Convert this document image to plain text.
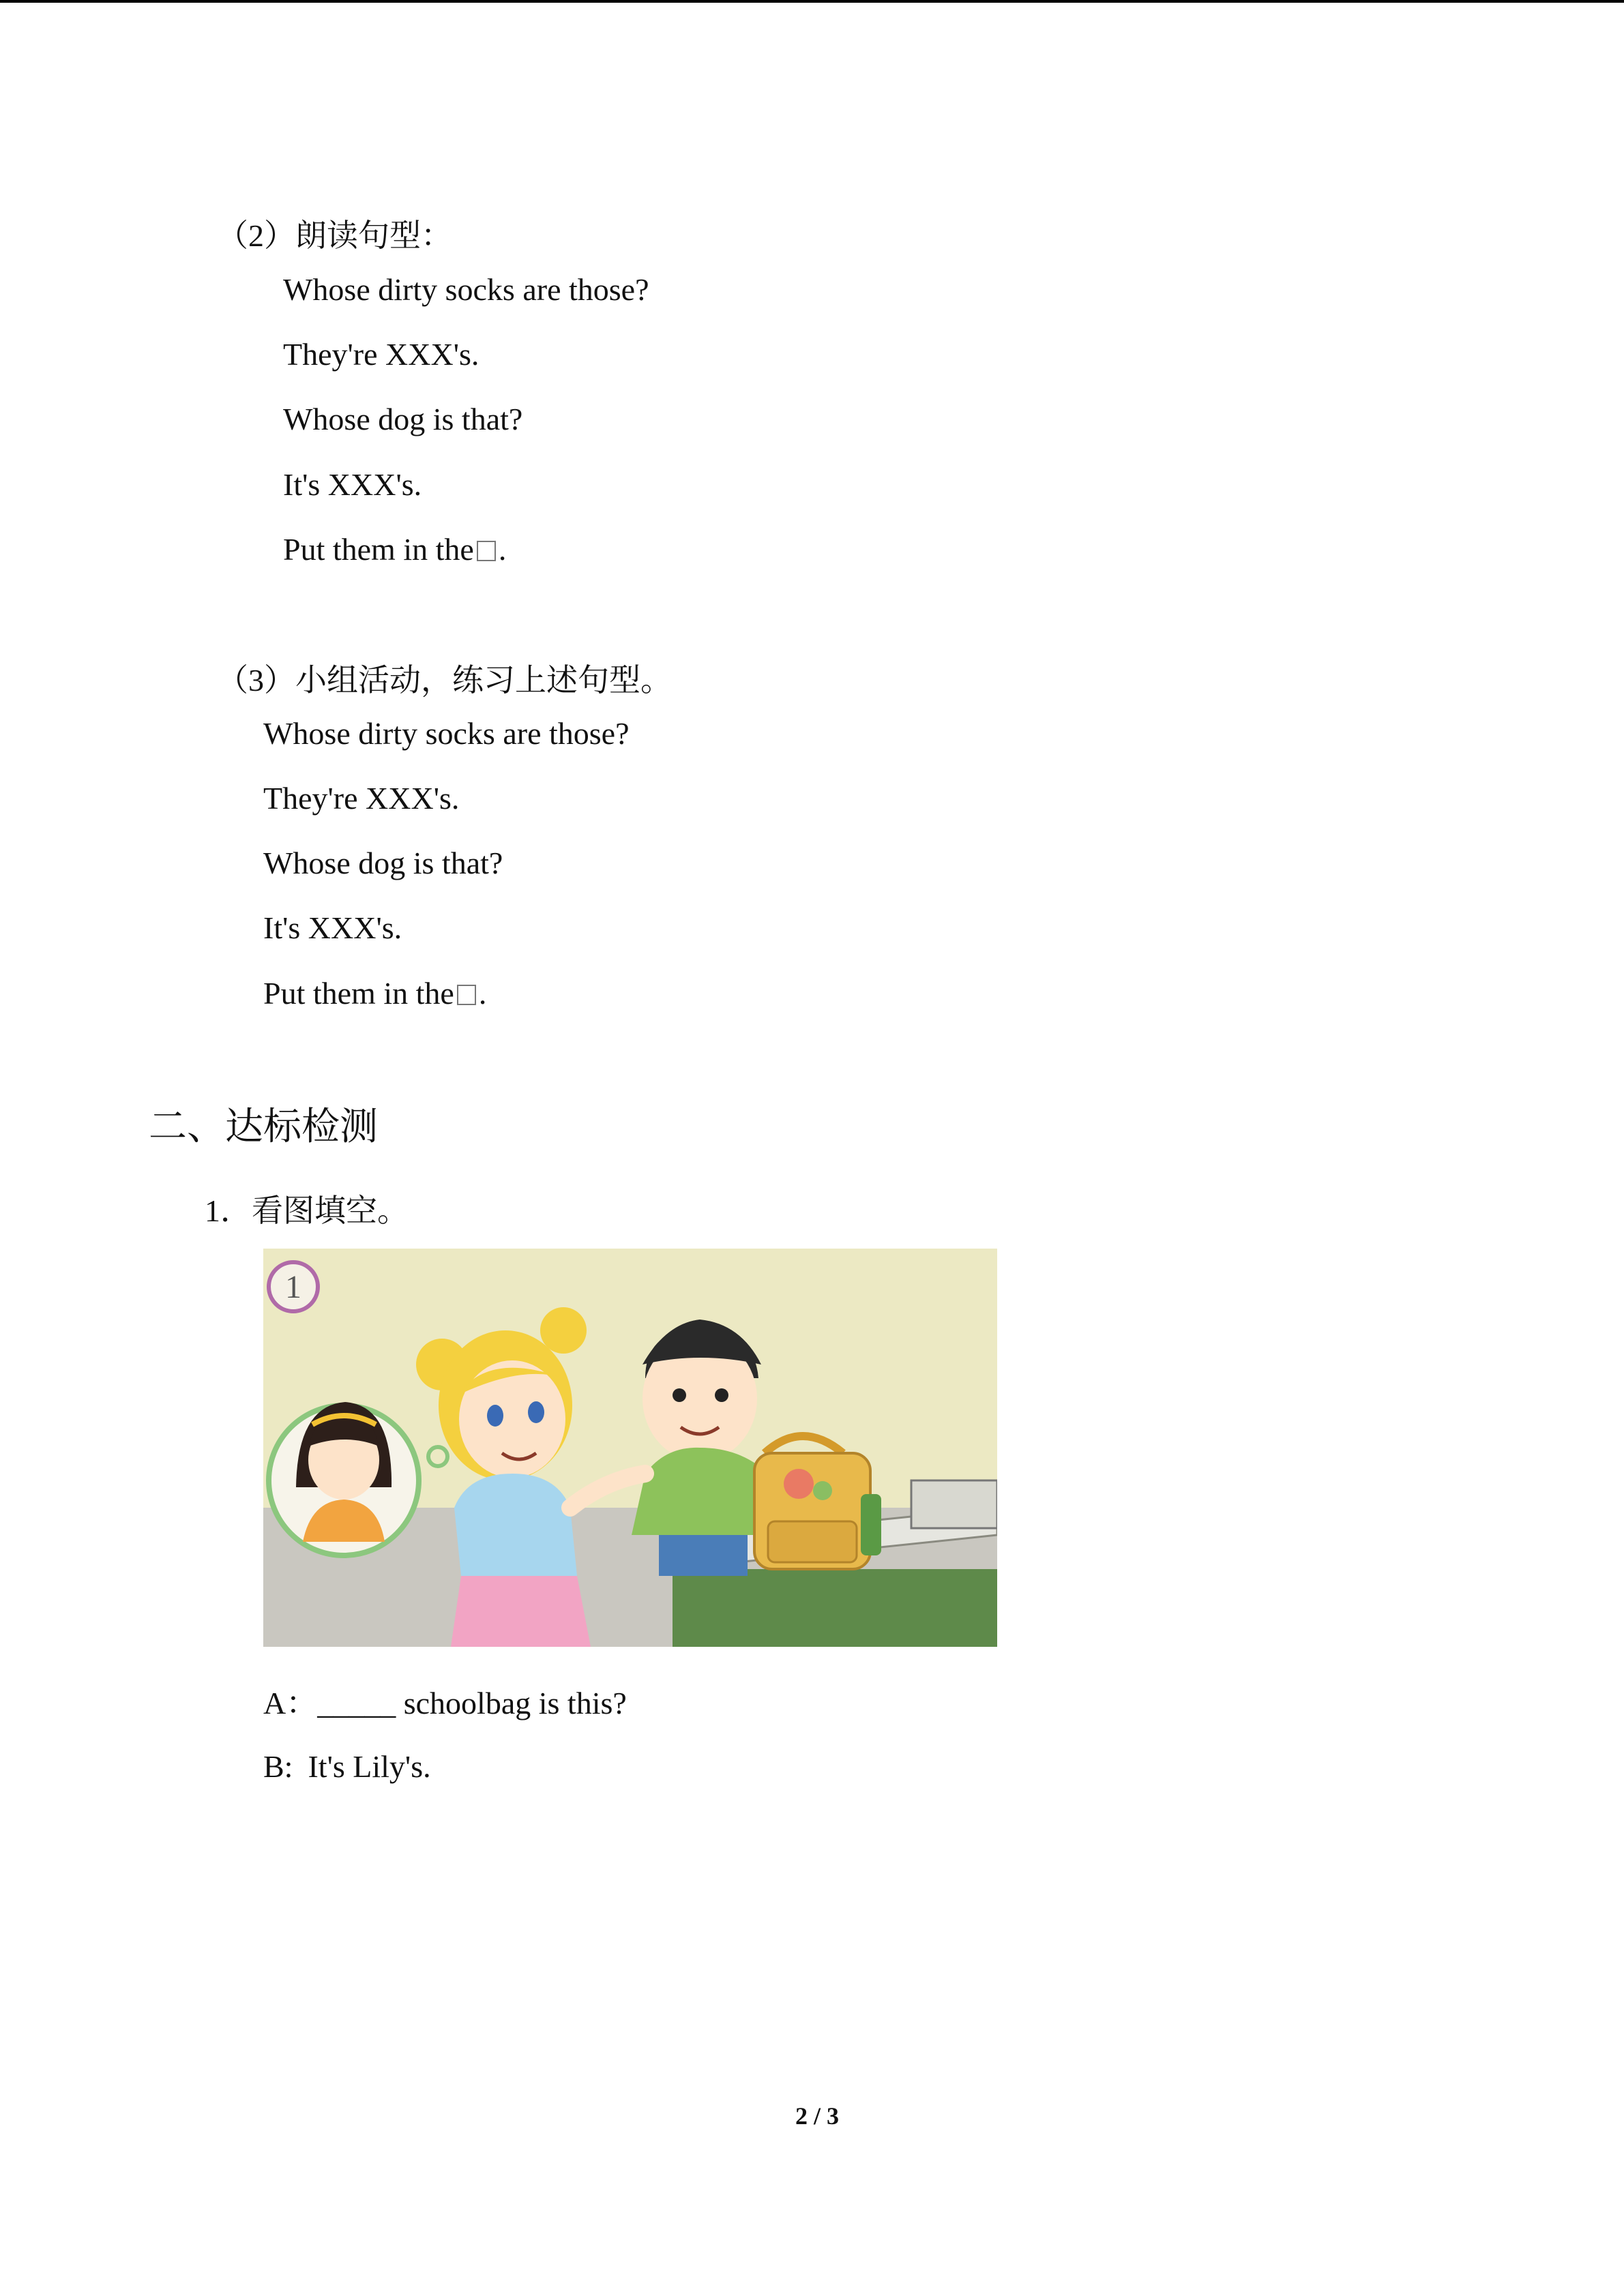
（2）朗读句型：
Whose dirty socks are those?
They're XXX's.
Whose dog is that?
It's XXX's.
Put them in the .
（3）小组活动，练习上述句型。
Whose dirty socks are those?
They're XXX's.
Whose dog is that?
It's XXX's.
Put them in the .
二、达标检测
1．看图填空。
1
A：_____ schoolbag is this?
B: It's Lily's.
2 / 3
